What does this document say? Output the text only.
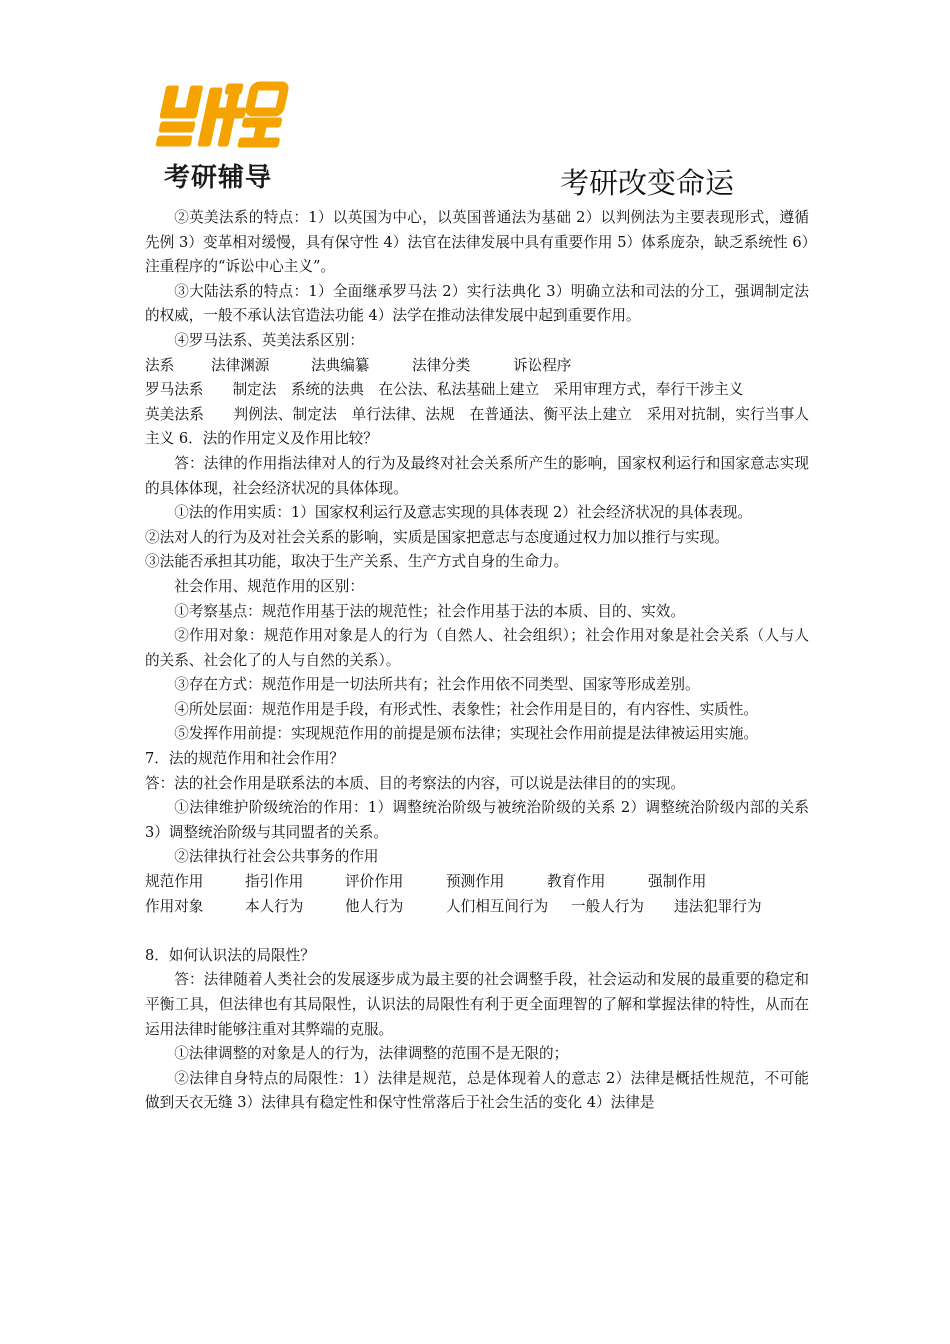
考研辅导	考研改变命运

②英美法系的特点：1）以英国为中心，以英国普通法为基础 2）以判例法为主要表现形式，遵循先例 3）变革相对缓慢，具有保守性 4）法官在法律发展中具有重要作用 5）体系庞杂，缺乏系统性 6）注重程序的“诉讼中心主义”。

③大陆法系的特点：1）全面继承罗马法 2）实行法典化 3）明确立法和司法的分工，强调制定法的权威，一般不承认法官造法功能 4）法学在推动法律发展中起到重要作用。

④罗马法系、英美法系区别：

法系	法律渊源	法典编纂	法律分类	诉讼程序

罗马法系　　制定法　系统的法典　在公法、私法基础上建立　采用审理方式，奉行干涉主义

英美法系　　判例法、制定法　单行法律、法规　在普通法、衡平法上建立　采用对抗制，实行当事人主义 6．法的作用定义及作用比较？

答：法律的作用指法律对人的行为及最终对社会关系所产生的影响，国家权利运行和国家意志实现的具体体现，社会经济状况的具体体现。

①法的作用实质：1）国家权利运行及意志实现的具体表现 2）社会经济状况的具体表现。

②法对人的行为及对社会关系的影响，实质是国家把意志与态度通过权力加以推行与实现。

③法能否承担其功能，取决于生产关系、生产方式自身的生命力。

社会作用、规范作用的区别：

①考察基点：规范作用基于法的规范性；社会作用基于法的本质、目的、实效。

②作用对象：规范作用对象是人的行为（自然人、社会组织）；社会作用对象是社会关系（人与人的关系、社会化了的人与自然的关系）。

③存在方式：规范作用是一切法所共有；社会作用依不同类型、国家等形成差别。

④所处层面：规范作用是手段，有形式性、表象性；社会作用是目的，有内容性、实质性。

⑤发挥作用前提：实现规范作用的前提是颁布法律；实现社会作用前提是法律被运用实施。

7．法的规范作用和社会作用？

答：法的社会作用是联系法的本质、目的考察法的内容，可以说是法律目的的实现。

①法律维护阶级统治的作用：1）调整统治阶级与被统治阶级的关系 2）调整统治阶级内部的关系 3）调整统治阶级与其同盟者的关系。

②法律执行社会公共事务的作用

规范作用	指引作用	评价作用	预测作用	教育作用	强制作用
作用对象	本人行为	他人行为	人们相互间行为	一般人行为	违法犯罪行为

8．如何认识法的局限性？

答：法律随着人类社会的发展逐步成为最主要的社会调整手段，社会运动和发展的最重要的稳定和平衡工具，但法律也有其局限性，认识法的局限性有利于更全面理智的了解和掌握法律的特性，从而在运用法律时能够注重对其弊端的克服。

①法律调整的对象是人的行为，法律调整的范围不是无限的；

②法律自身特点的局限性：1）法律是规范，总是体现着人的意志 2）法律是概括性规范，不可能做到天衣无缝 3）法律具有稳定性和保守性常落后于社会生活的变化 4）法律是
